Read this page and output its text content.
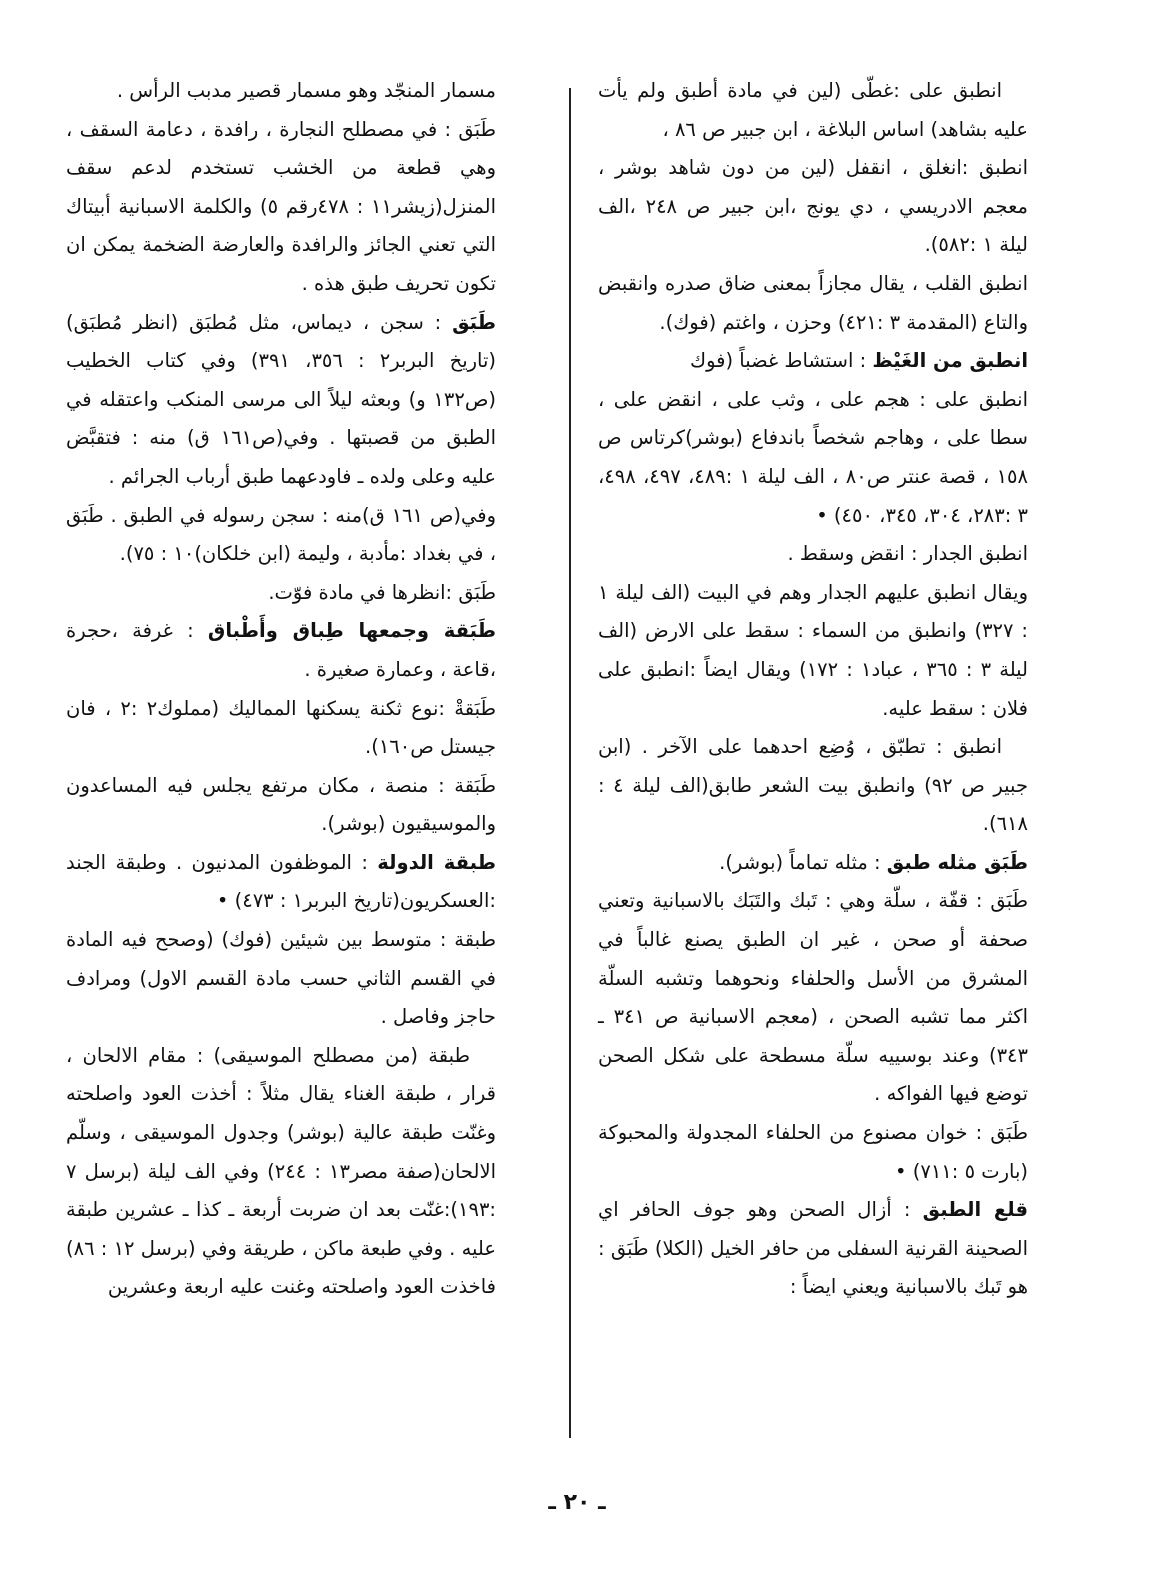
انطبق على :غطّى (لين في مادة أطبق ولم يأت عليه بشاهد) اساس البلاغة ، ابن جبير ص ٨٦ ،

انطبق :انغلق ، انقفل (لين من دون شاهد بوشر ، معجم الادريسي ، دي يونج ،ابن جبير ص ٢٤٨ ،الف ليلة ١ :٥٨٢).

انطبق القلب ، يقال مجازاً بمعنى ضاق صدره وانقبض والتاع (المقدمة ٣ :٤٢١) وحزن ، واغتم (فوك).

انطبق من الغَيْظ : استشاط غضباً (فوك

انطبق على : هجم على ، وثب على ، انقض على ، سطا على ، وهاجم شخصاً باندفاع (بوشر)كرتاس ص ١٥٨ ، قصة عنتر ص٨٠ ، الف ليلة ١ :٤٨٩، ٤٩٧، ٤٩٨، ٣ :٢٨٣، ٣٠٤، ٣٤٥، ٤٥٠) •

انطبق الجدار : انقض وسقط .

ويقال انطبق عليهم الجدار وهم في البيت (الف ليلة ١ : ٣٢٧) وانطبق من السماء : سقط على الارض (الف ليلة ٣ : ٣٦٥ ، عباد١ : ١٧٢) ويقال ايضاً :انطبق على فلان : سقط عليه.

انطبق : تطبّق ، وُضِع احدهما على الآخر . (ابن جبير ص ٩٢) وانطبق بيت الشعر طابق(الف ليلة ٤ : ٦١٨).

طَبَق مثله طبق : مثله تماماً (بوشر).

طَبَق : قفّة ، سلّة وهي : تَبك والتَبَك بالاسبانية وتعني صحفة أو صحن ، غير ان الطبق يصنع غالباً في المشرق من الأسل والحلفاء ونحوهما وتشبه السلّة اكثر مما تشبه الصحن ، (معجم الاسبانية ص ٣٤١ ـ ٣٤٣) وعند بوسييه سلّة مسطحة على شكل الصحن توضع فيها الفواكه .

طَبَق : خوان مصنوع من الحلفاء المجدولة والمحبوكة (بارت ٥ :٧١١) •

قلع الطبق : أزال الصحن وهو جوف الحافر اي الصحينة القرنية السفلى من حافر الخيل (الكلا) طَبَق : هو تَبك بالاسبانية ويعني ايضاً :

مسمار المنجّد وهو مسمار قصير مدبب الرأس .

طَبَق : في مصطلح النجارة ، رافدة ، دعامة السقف ، وهي قطعة من الخشب تستخدم لدعم سقف المنزل(زيشر١١ : ٤٧٨رقم ٥) والكلمة الاسبانية أبيتاك التي تعني الجائز والرافدة والعارضة الضخمة يمكن ان تكون تحريف طبق هذه .

طَبَق : سجن ، ديماس، مثل مُطبَق (انظر مُطبَق) (تاريخ البربر٢ : ٣٥٦، ٣٩١) وفي كتاب الخطيب (ص١٣٢ و) وبعثه ليلاً الى مرسى المنكب واعتقله في الطبق من قصبتها . وفي(ص١٦١ ق) منه : فتقبَّض عليه وعلى ولده ـ فاودعهما طبق أرباب الجرائم .

وفي(ص ١٦١ ق)منه : سجن رسوله في الطبق . طَبَق ، في بغداد :مأدبة ، وليمة (ابن خلكان)١٠ : ٧٥).

طَبَق :انظرها في مادة فوّت.

طَبَقة وجمعها طِباق وأَطْباق : غرفة ،حجرة ،قاعة ، وعمارة صغيرة .

طَبَقةْ :نوع ثكنة يسكنها المماليك (مملوك٢ :٢ ، فان جيستل ص١٦٠).

طَبَقة : منصة ، مكان مرتفع يجلس فيه المساعدون والموسيقيون (بوشر).

طبقة الدولة : الموظفون المدنيون . وطبقة الجند :العسكريون(تاريخ البربر١ : ٤٧٣) •

طبقة : متوسط بين شيئين (فوك) (وصحح فيه المادة في القسم الثاني حسب مادة القسم الاول) ومرادف حاجز وفاصل .

طبقة (من مصطلح الموسيقى) : مقام الالحان ، قرار ، طبقة الغناء يقال مثلاً : أخذت العود واصلحته وغنّت طبقة عالية (بوشر) وجدول الموسيقى ، وسلّم الالحان(صفة مصر١٣ : ٢٤٤) وفي الف ليلة (برسل ٧ :١٩٣):غنّت بعد ان ضربت أربعة ـ كذا ـ عشرين طبقة عليه . وفي طبعة ماكن ، طريقة وفي (برسل ١٢ : ٨٦) فاخذت العود واصلحته وغنت عليه اربعة وعشرين

ـ ٢٠ ـ
